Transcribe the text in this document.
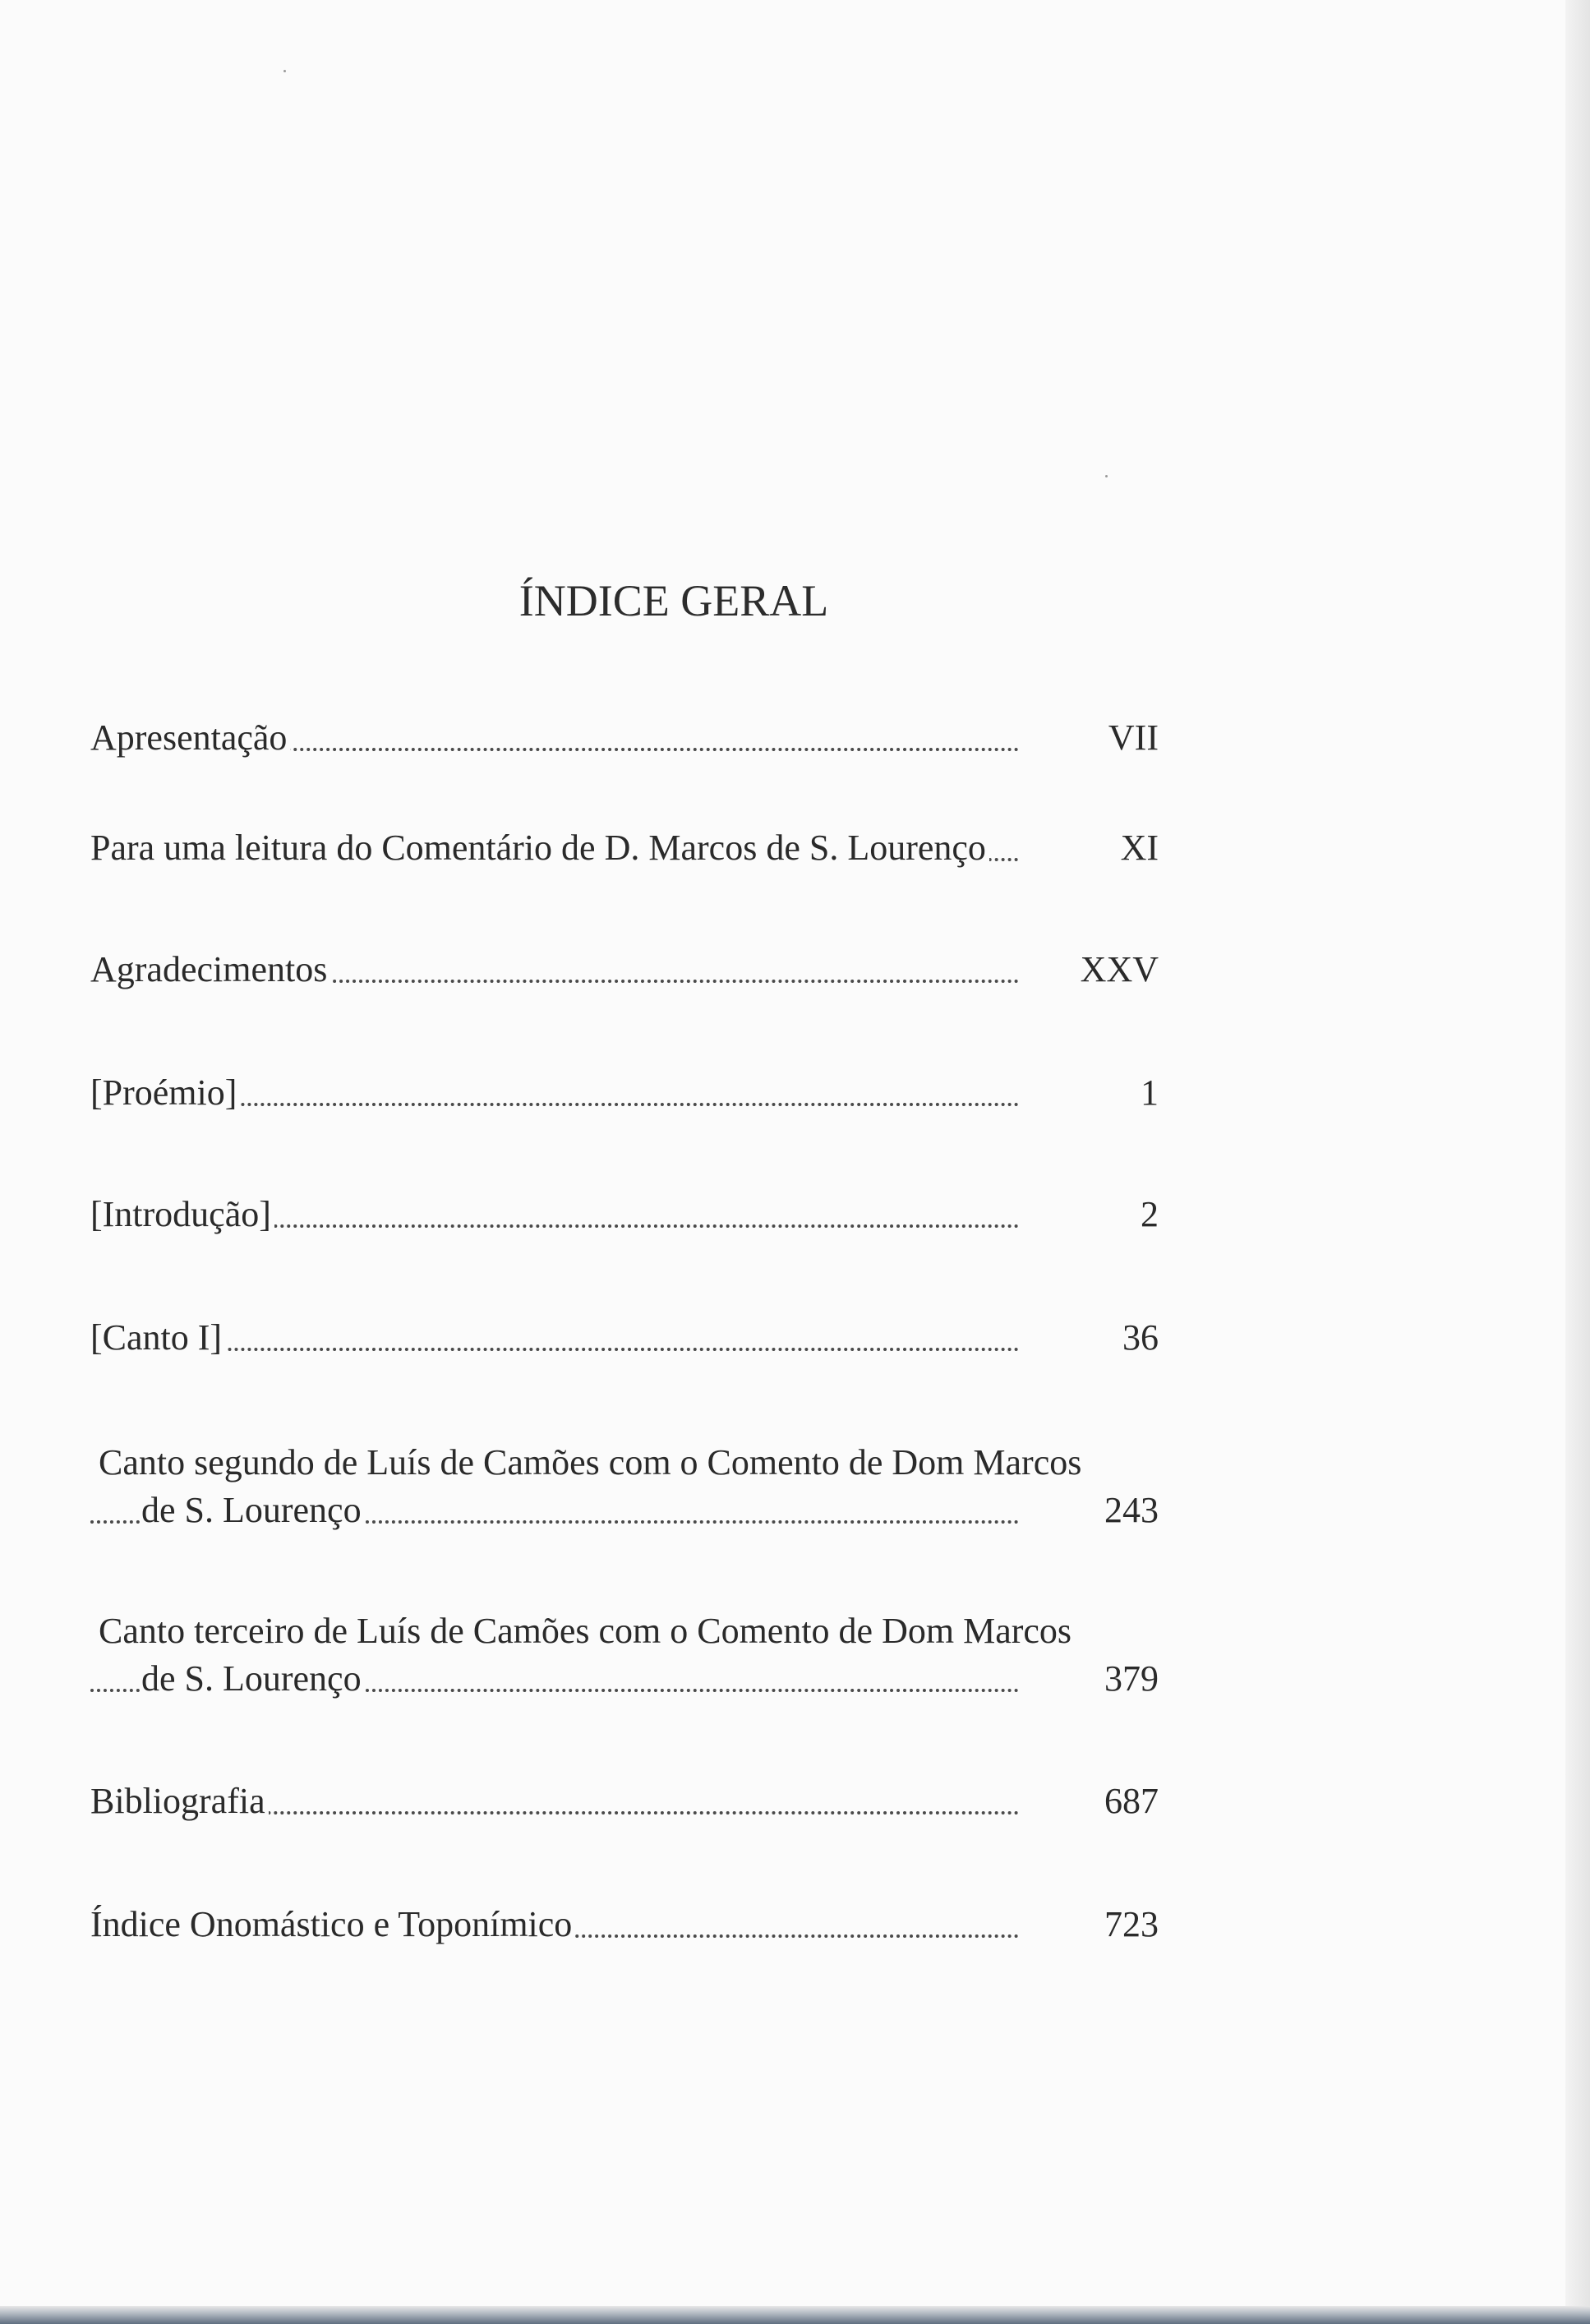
ÍNDICE GERAL
Apresentação	VII
Para uma leitura do Comentário de D. Marcos de S. Lourenço	XI
Agradecimentos	XXV
[Proémio]	1
[Introdução]	2
[Canto I]	36
Canto segundo de Luís de Camões com o Comento de Dom Marcos
de S. Lourenço	243
Canto terceiro de Luís de Camões com o Comento de Dom Marcos
de S. Lourenço	379
Bibliografia	687
Índice Onomástico e Toponímico	723
